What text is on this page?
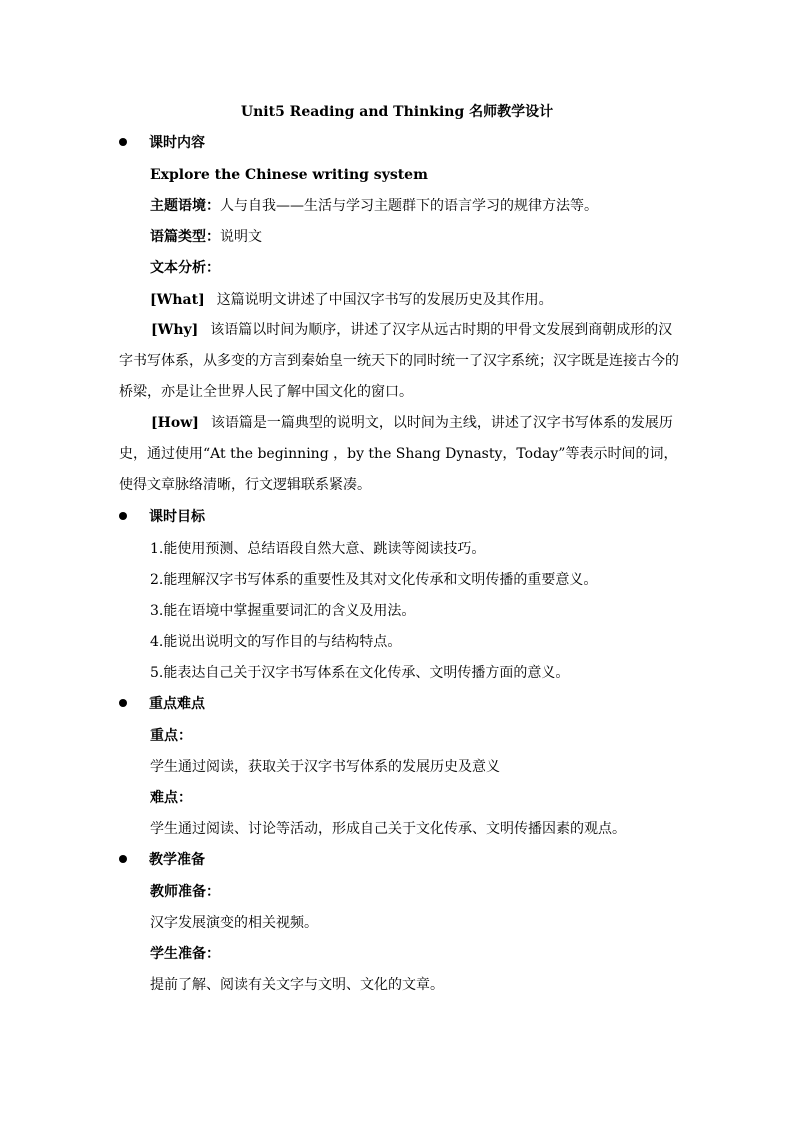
Unit5 Reading and Thinking 名师教学设计
课时内容
Explore the Chinese writing system
主题语境：人与自我——生活与学习主题群下的语言学习的规律方法等。
语篇类型：说明文
文本分析：
[What] 这篇说明文讲述了中国汉字书写的发展历史及其作用。
[Why] 该语篇以时间为顺序，讲述了汉字从远古时期的甲骨文发展到商朝成形的汉字书写体系，从多变的方言到秦始皇一统天下的同时统一了汉字系统；汉字既是连接古今的桥梁，亦是让全世界人民了解中国文化的窗口。
[How] 该语篇是一篇典型的说明文，以时间为主线，讲述了汉字书写体系的发展历史，通过使用“At the beginning ，by the Shang Dynasty，Today”等表示时间的词，使得文章脉络清晰，行文逻辑联系紧凑。
课时目标
1.能使用预测、总结语段自然大意、跳读等阅读技巧。
2.能理解汉字书写体系的重要性及其对文化传承和文明传播的重要意义。
3.能在语境中掌握重要词汇的含义及用法。
4.能说出说明文的写作目的与结构特点。
5.能表达自己关于汉字书写体系在文化传承、文明传播方面的意义。
重点难点
重点：
学生通过阅读，获取关于汉字书写体系的发展历史及意义
难点：
学生通过阅读、讨论等活动，形成自己关于文化传承、文明传播因素的观点。
教学准备
教师准备：
汉字发展演变的相关视频。
学生准备：
提前了解、阅读有关文字与文明、文化的文章。
